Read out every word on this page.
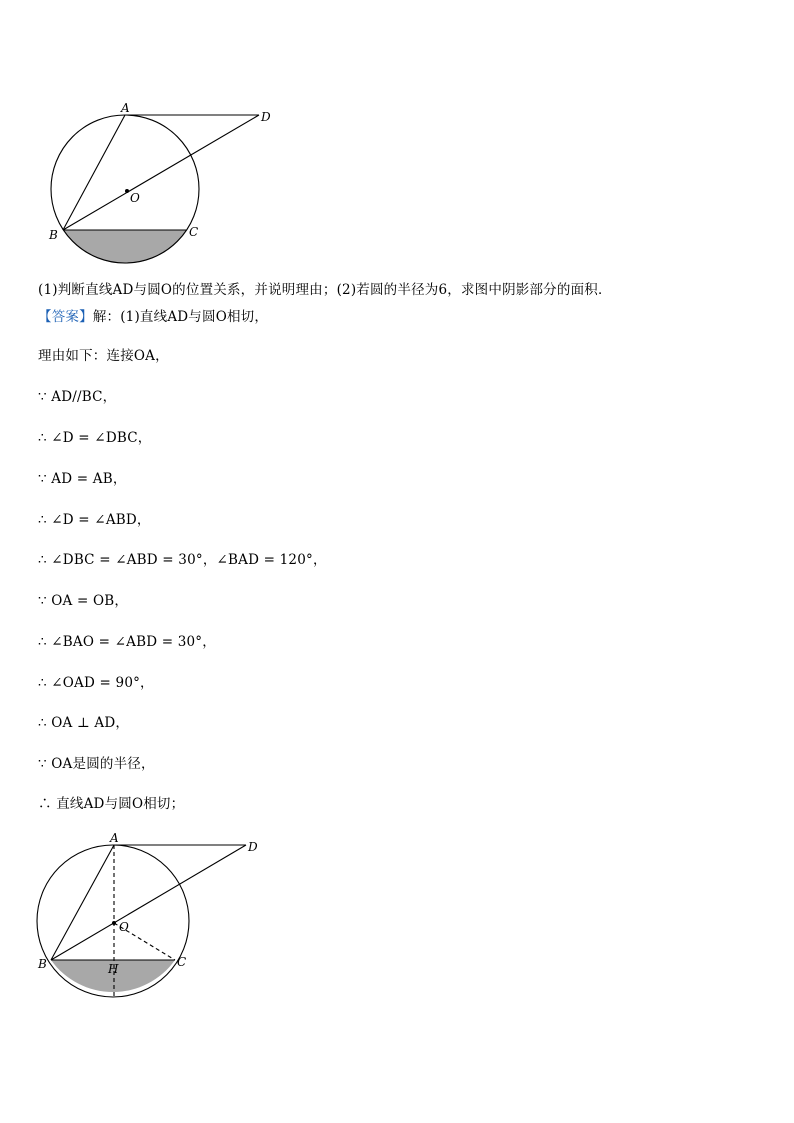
A
D
O
B	C

(1)判断直线AD与圆O的位置关系，并说明理由；(2)若圆的半径为6，求图中阴影部分的面积．

【答案】解：(1)直线AD与圆O相切，

理由如下：连接OA，

∵ AD//BC，

∴ ∠D = ∠DBC，

∵ AD = AB，

∴ ∠D = ∠ABD，

∴ ∠DBC = ∠ABD = 30°，∠BAD = 120°，

∵ OA = OB，

∴ ∠BAO = ∠ABD = 30°，

∴ ∠OAD = 90°，

∴ OA ⊥ AD，

∵ OA是圆的半径，

∴ 直线AD与圆O相切；

A
D
O
B	H	C
